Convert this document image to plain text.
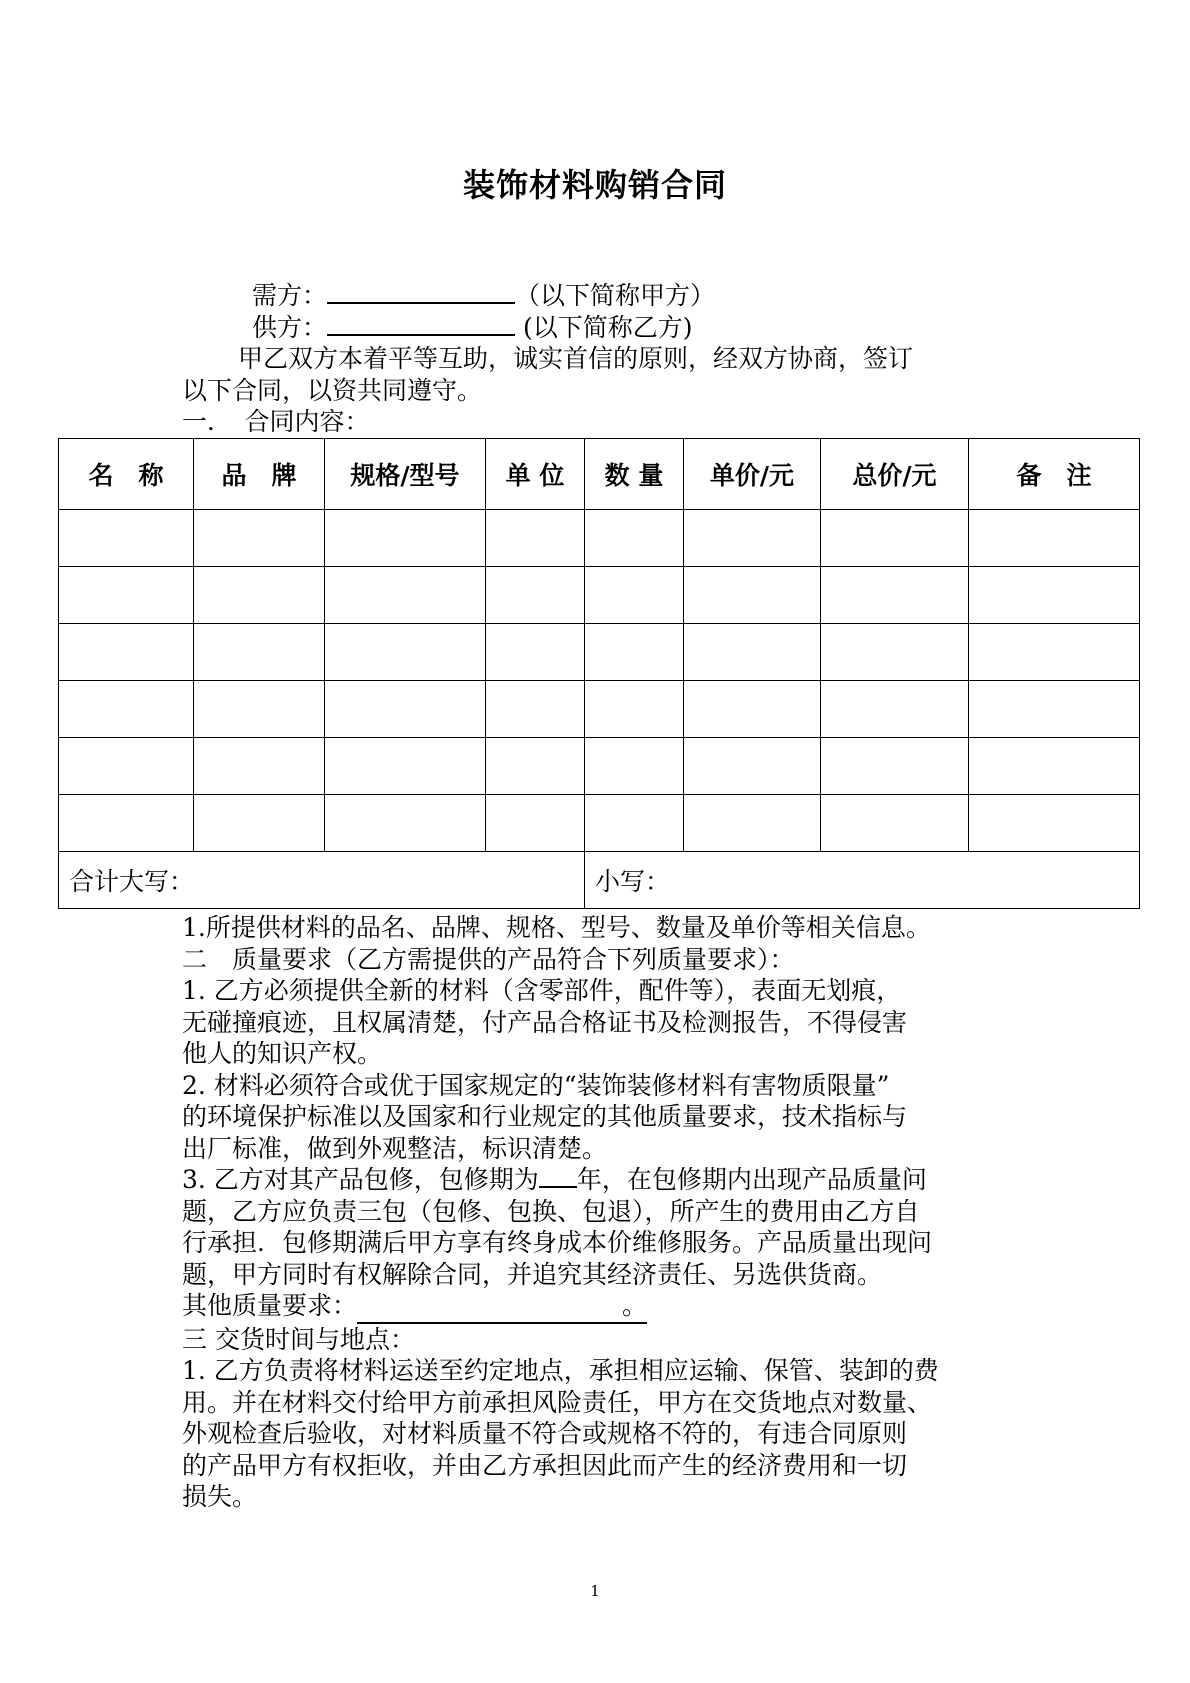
装饰材料购销合同
需方：	（以下简称甲方）
供方：	(以下简称乙方)
甲乙双方本着平等互助，诚实首信的原则，经双方协商，签订
以下合同，以资共同遵守。
一．　合同内容：
名　称	品　牌	规格/型号	单 位	数 量	单价/元	总价/元	备　注

合计大写：				小写：			
1.所提供材料的品名、品牌、规格、型号、数量及单价等相关信息。
二　质量要求（乙方需提供的产品符合下列质量要求）：
1. 乙方必须提供全新的材料（含零部件，配件等），表面无划痕，
无碰撞痕迹，且权属清楚，付产品合格证书及检测报告，不得侵害
他人的知识产权。
2. 材料必须符合或优于国家规定的“装饰装修材料有害物质限量”
的环境保护标准以及国家和行业规定的其他质量要求，技术指标与
出厂标准，做到外观整洁，标识清楚。
3. 乙方对其产品包修，包修期为 年，在包修期内出现产品质量问
题，乙方应负责三包（包修、包换、包退），所产生的费用由乙方自
行承担．包修期满后甲方享有终身成本价维修服务。产品质量出现问
题，甲方同时有权解除合同，并追究其经济责任、另选供货商。
其他质量要求：	。
三 交货时间与地点：
1. 乙方负责将材料运送至约定地点，承担相应运输、保管、装卸的费
用。并在材料交付给甲方前承担风险责任，甲方在交货地点对数量、
外观检查后验收，对材料质量不符合或规格不符的，有违合同原则
的产品甲方有权拒收，并由乙方承担因此而产生的经济费用和一切
损失。
1
